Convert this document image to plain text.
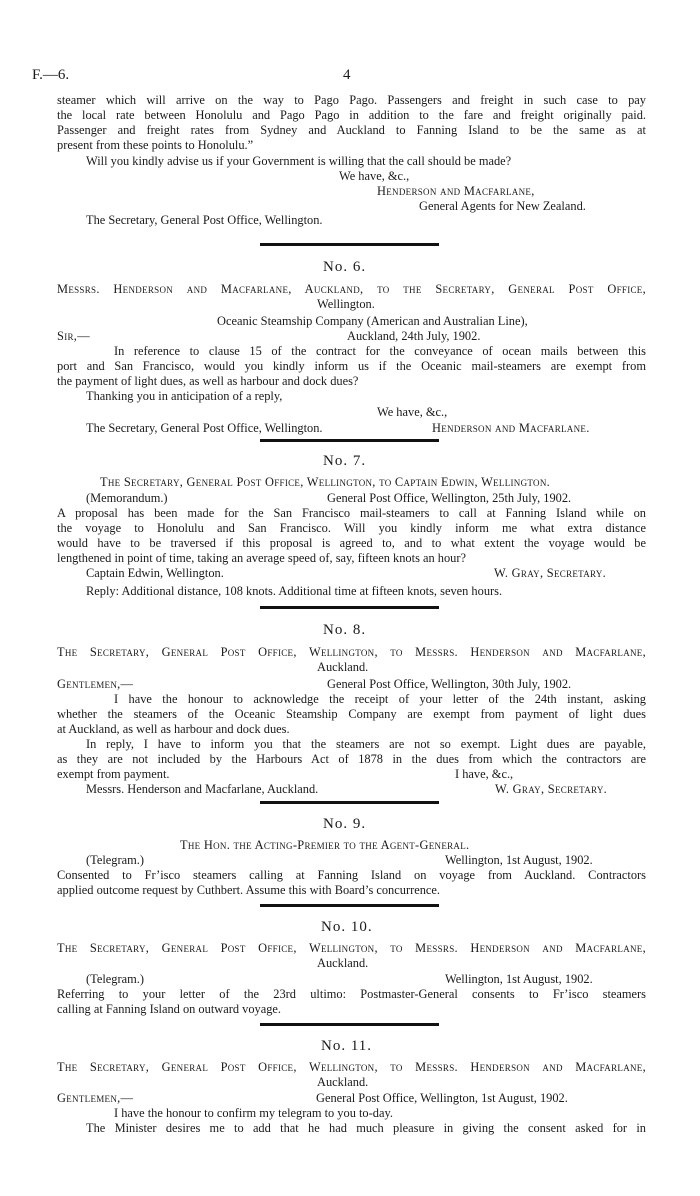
F.—6.	4
steamer which will arrive on the way to Pago Pago. Passengers and freight in such case to pay
the local rate between Honolulu and Pago Pago in addition to the fare and freight originally paid.
Passenger and freight rates from Sydney and Auckland to Fanning Island to be the same as at
present from these points to Honolulu.”
Will you kindly advise us if your Government is willing that the call should be made?
We have, &c.,
Henderson and Macfarlane,
General Agents for New Zealand.
The Secretary, General Post Office, Wellington.
No. 6.
Messrs. Henderson and Macfarlane, Auckland, to the Secretary, General Post Office,
Wellington.
Oceanic Steamship Company (American and Australian Line),
Sir,—	Auckland, 24th July, 1902.
In reference to clause 15 of the contract for the conveyance of ocean mails between this
port and San Francisco, would you kindly inform us if the Oceanic mail-steamers are exempt from
the payment of light dues, as well as harbour and dock dues?
Thanking you in anticipation of a reply,
We have, &c.,
The Secretary, General Post Office, Wellington.	Henderson and Macfarlane.
No. 7.
The Secretary, General Post Office, Wellington, to Captain Edwin, Wellington.
(Memorandum.)	General Post Office, Wellington, 25th July, 1902.
A proposal has been made for the San Francisco mail-steamers to call at Fanning Island while on
the voyage to Honolulu and San Francisco. Will you kindly inform me what extra distance
would have to be traversed if this proposal is agreed to, and to what extent the voyage would be
lengthened in point of time, taking an average speed of, say, fifteen knots an hour?
Captain Edwin, Wellington.	W. Gray, Secretary.
Reply: Additional distance, 108 knots. Additional time at fifteen knots, seven hours.
No. 8.
The Secretary, General Post Office, Wellington, to Messrs. Henderson and Macfarlane,
Auckland.
Gentlemen,—	General Post Office, Wellington, 30th July, 1902.
I have the honour to acknowledge the receipt of your letter of the 24th instant, asking
whether the steamers of the Oceanic Steamship Company are exempt from payment of light dues
at Auckland, as well as harbour and dock dues.
In reply, I have to inform you that the steamers are not so exempt. Light dues are payable,
as they are not included by the Harbours Act of 1878 in the dues from which the contractors are
exempt from payment.	I have, &c.,
Messrs. Henderson and Macfarlane, Auckland.	W. Gray, Secretary.
No. 9.
The Hon. the Acting-Premier to the Agent-General.
(Telegram.)	Wellington, 1st August, 1902.
Consented to Fr’isco steamers calling at Fanning Island on voyage from Auckland. Contractors
applied outcome request by Cuthbert. Assume this with Board’s concurrence.
No. 10.
The Secretary, General Post Office, Wellington, to Messrs. Henderson and Macfarlane,
Auckland.
(Telegram.)	Wellington, 1st August, 1902.
Referring to your letter of the 23rd ultimo: Postmaster-General consents to Fr’isco steamers
calling at Fanning Island on outward voyage.
No. 11.
The Secretary, General Post Office, Wellington, to Messrs. Henderson and Macfarlane,
Auckland.
Gentlemen,—	General Post Office, Wellington, 1st August, 1902.
I have the honour to confirm my telegram to you to-day.
The Minister desires me to add that he had much pleasure in giving the consent asked for in
